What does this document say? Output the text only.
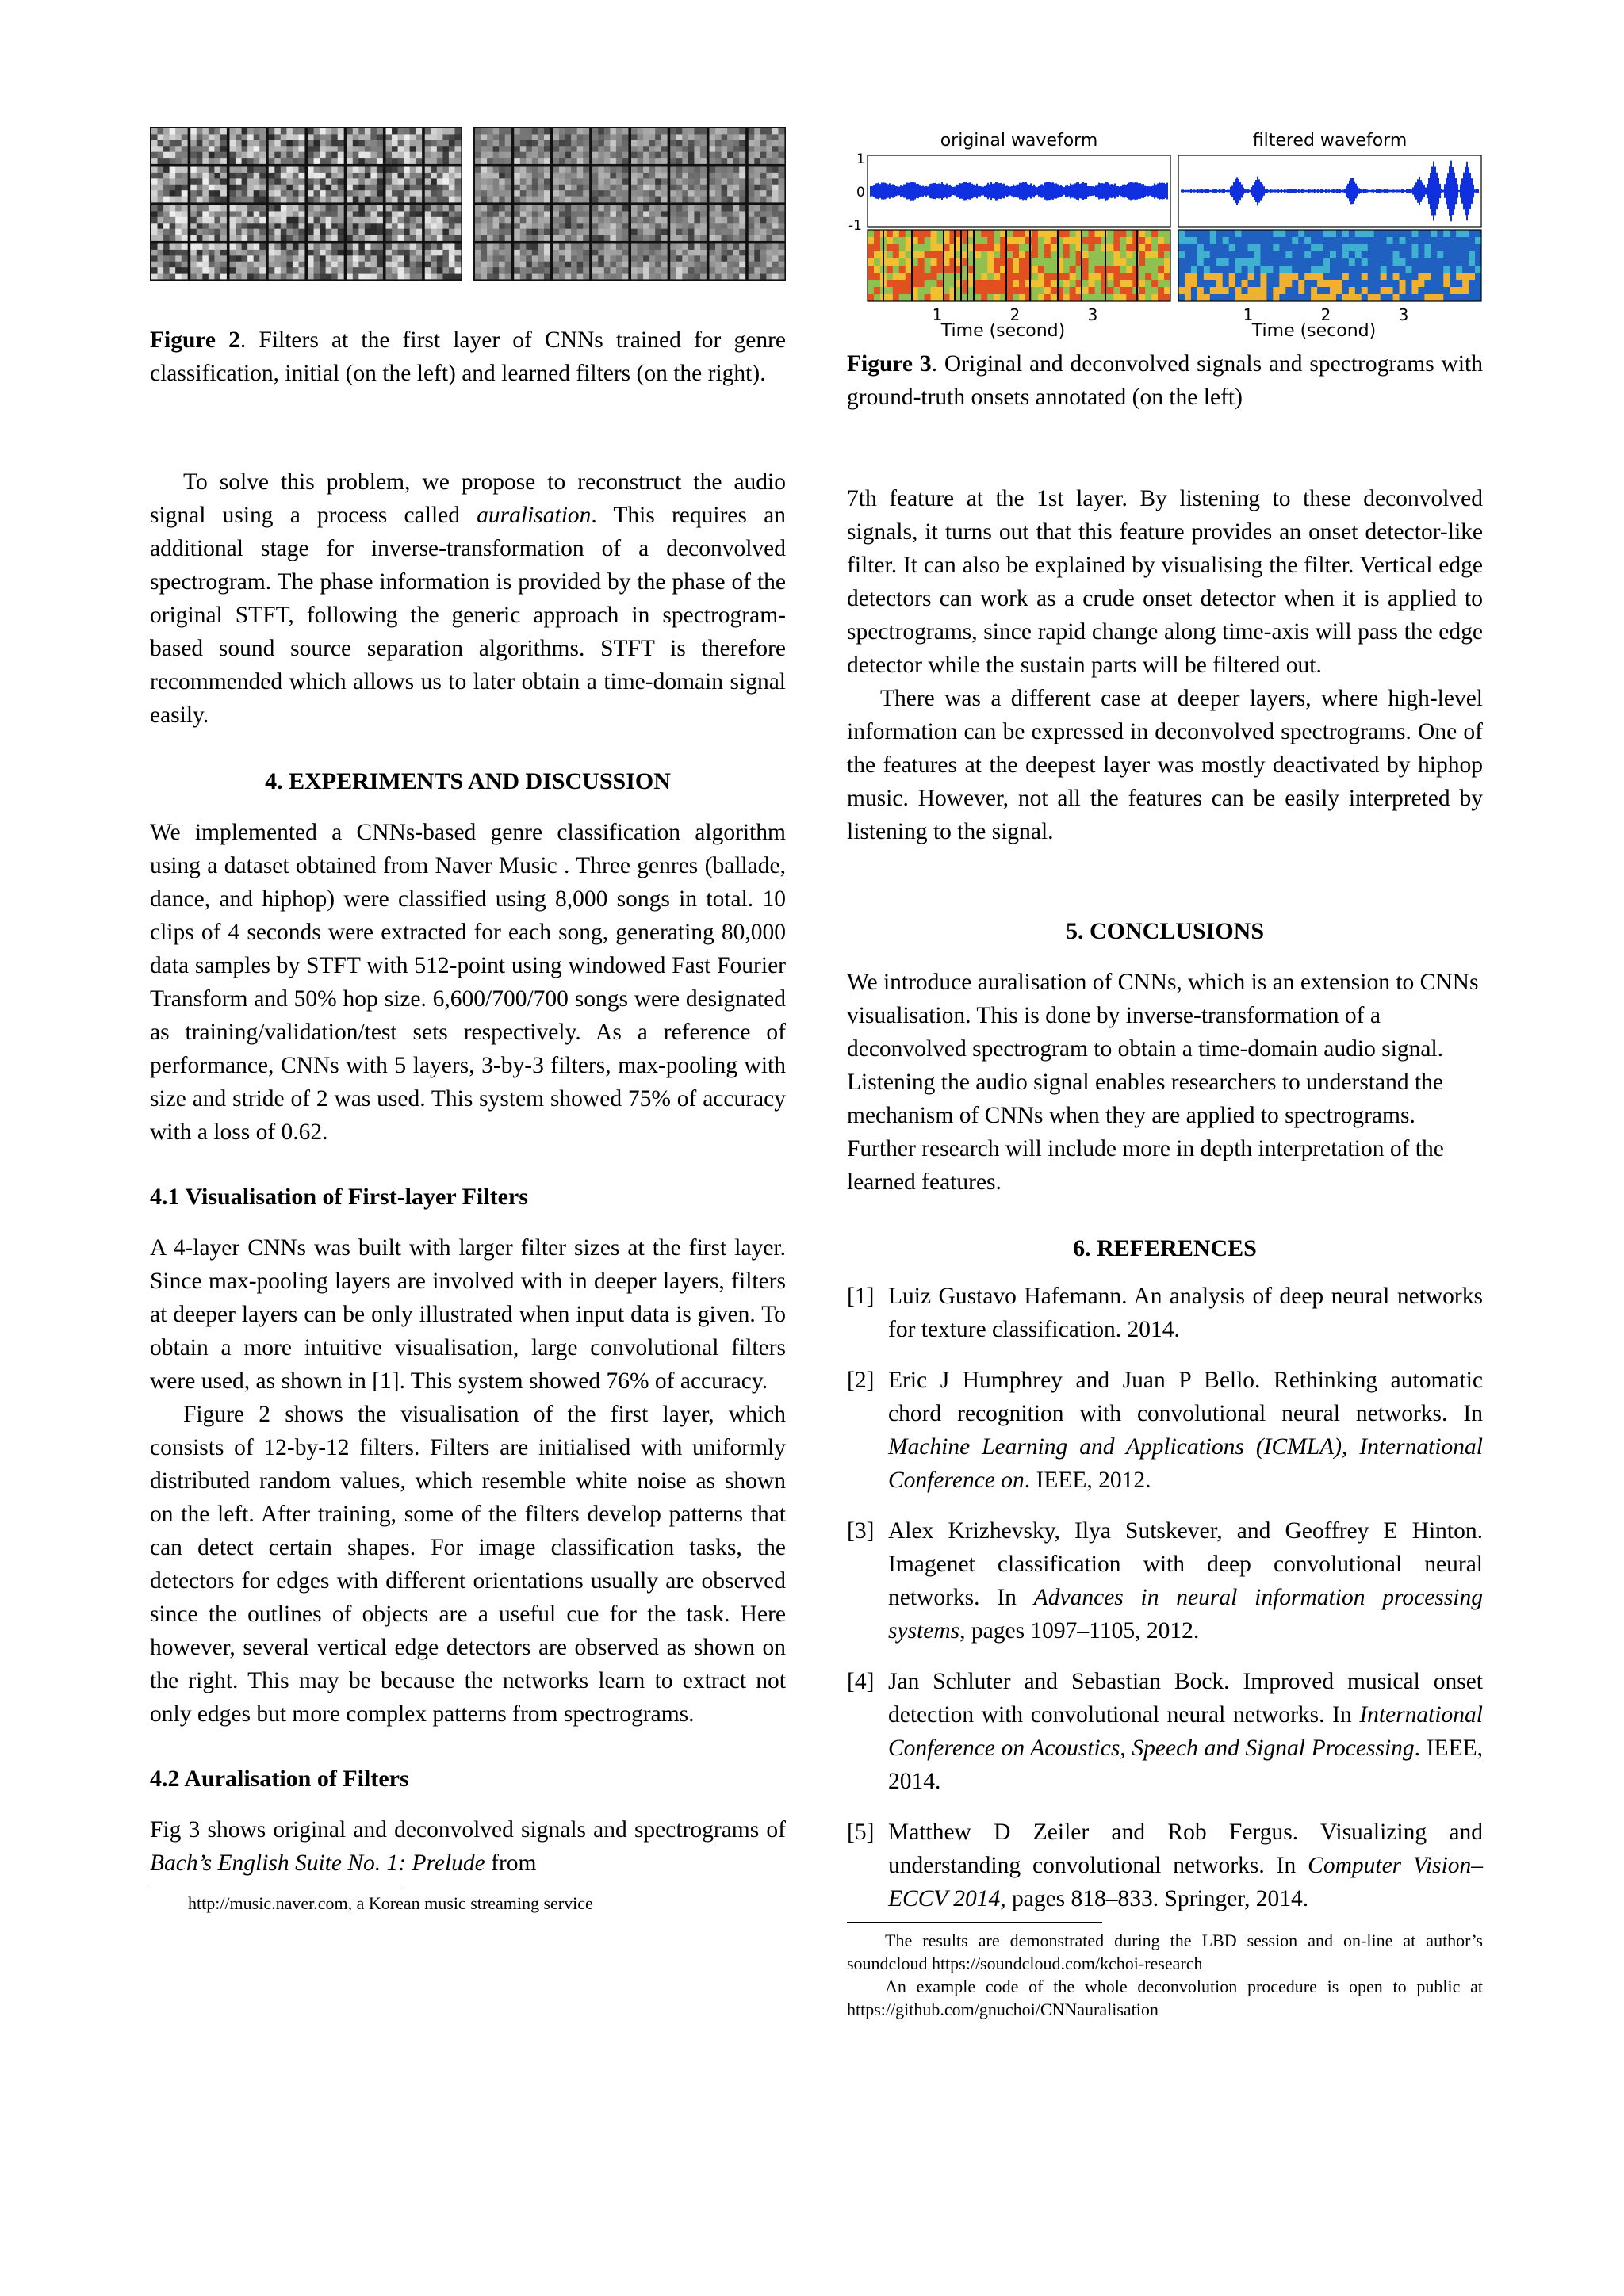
Figure 2. Filters at the first layer of CNNs trained for genre classification, initial (on the left) and learned filters (on the right).

To solve this problem, we propose to reconstruct the audio signal using a process called auralisation. This requires an additional stage for inverse-transformation of a deconvolved spectrogram. The phase information is provided by the phase of the original STFT, following the generic approach in spectrogram-based sound source separation algorithms. STFT is therefore recommended which allows us to later obtain a time-domain signal easily.

4. EXPERIMENTS AND DISCUSSION

We implemented a CNNs-based genre classification algorithm using a dataset obtained from Naver Music . Three genres (ballade, dance, and hiphop) were classified using 8,000 songs in total. 10 clips of 4 seconds were extracted for each song, generating 80,000 data samples by STFT with 512-point using windowed Fast Fourier Transform and 50% hop size. 6,600/700/700 songs were designated as training/validation/test sets respectively. As a reference of performance, CNNs with 5 layers, 3-by-3 filters, max-pooling with size and stride of 2 was used. This system showed 75% of accuracy with a loss of 0.62.

4.1 Visualisation of First-layer Filters

A 4-layer CNNs was built with larger filter sizes at the first layer. Since max-pooling layers are involved with in deeper layers, filters at deeper layers can be only illustrated when input data is given. To obtain a more intuitive visualisation, large convolutional filters were used, as shown in [1]. This system showed 76% of accuracy.

Figure 2 shows the visualisation of the first layer, which consists of 12-by-12 filters. Filters are initialised with uniformly distributed random values, which resemble white noise as shown on the left. After training, some of the filters develop patterns that can detect certain shapes. For image classification tasks, the detectors for edges with different orientations usually are observed since the outlines of objects are a useful cue for the task. Here however, several vertical edge detectors are observed as shown on the right. This may be because the networks learn to extract not only edges but more complex patterns from spectrograms.

4.2 Auralisation of Filters

Fig 3 shows original and deconvolved signals and spectrograms of Bach’s English Suite No. 1: Prelude from

http://music.naver.com, a Korean music streaming service

1
0
-1
original waveform
1	2	3
Time (second)
filtered waveform
1	2	3
Time (second)

Figure 3. Original and deconvolved signals and spectrograms with ground-truth onsets annotated (on the left)

7th feature at the 1st layer. By listening to these deconvolved signals, it turns out that this feature provides an onset detector-like filter. It can also be explained by visualising the filter. Vertical edge detectors can work as a crude onset detector when it is applied to spectrograms, since rapid change along time-axis will pass the edge detector while the sustain parts will be filtered out.

There was a different case at deeper layers, where high-level information can be expressed in deconvolved spectrograms. One of the features at the deepest layer was mostly deactivated by hiphop music. However, not all the features can be easily interpreted by listening to the signal.

5. CONCLUSIONS

We introduce auralisation of CNNs, which is an extension to CNNs visualisation. This is done by inverse-transformation of a deconvolved spectrogram to obtain a time-domain audio signal. Listening the audio signal enables researchers to understand the mechanism of CNNs when they are applied to spectrograms. Further research will include more in depth interpretation of the learned features.

6. REFERENCES
[1] Luiz Gustavo Hafemann. An analysis of deep neural networks for texture classification. 2014.
[2] Eric J Humphrey and Juan P Bello. Rethinking automatic chord recognition with convolutional neural networks. In Machine Learning and Applications (ICMLA), International Conference on. IEEE, 2012.
[3] Alex Krizhevsky, Ilya Sutskever, and Geoffrey E Hinton. Imagenet classification with deep convolutional neural networks. In Advances in neural information processing systems, pages 1097–1105, 2012.
[4] Jan Schluter and Sebastian Bock. Improved musical onset detection with convolutional neural networks. In International Conference on Acoustics, Speech and Signal Processing. IEEE, 2014.
[5] Matthew D Zeiler and Rob Fergus. Visualizing and understanding convolutional networks. In Computer Vision–ECCV 2014, pages 818–833. Springer, 2014.

The results are demonstrated during the LBD session and on-line at author’s soundcloud https://soundcloud.com/kchoi-research

An example code of the whole deconvolution procedure is open to public at https://github.com/gnuchoi/CNNauralisation
